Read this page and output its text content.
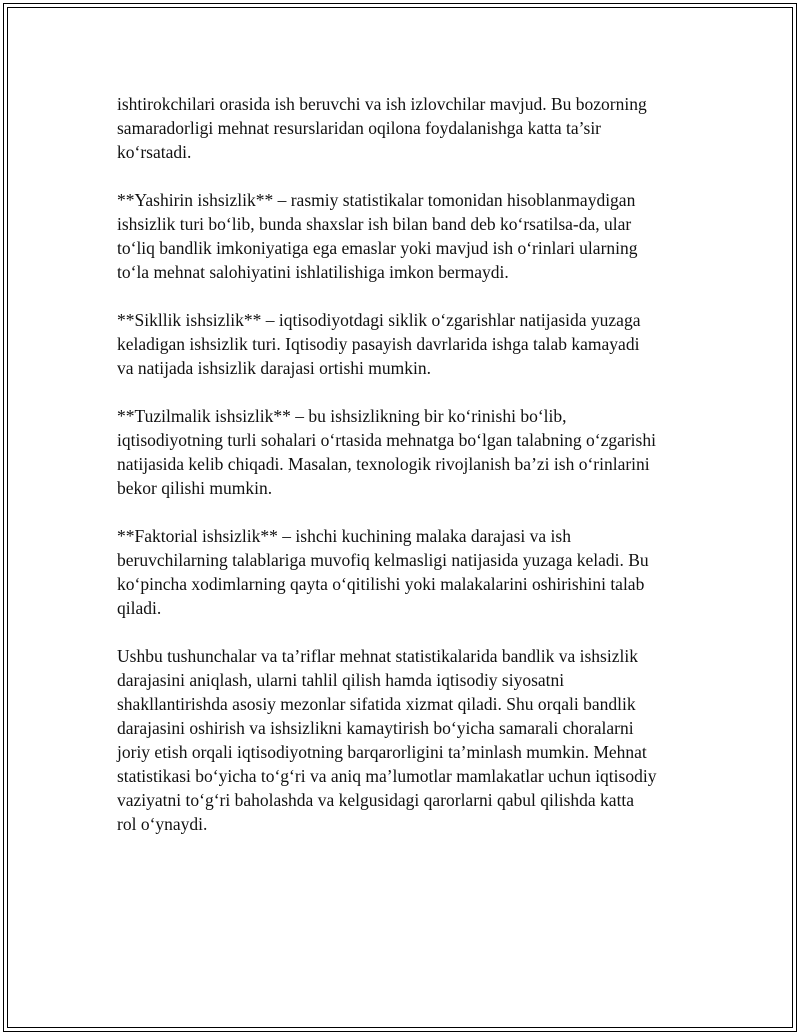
ishtirokchilari orasida ish beruvchi va ish izlovchilar mavjud. Bu bozorning
samaradorligi mehnat resurslaridan oqilona foydalanishga katta ta’sir
ko‘rsatadi.

**Yashirin ishsizlik** – rasmiy statistikalar tomonidan hisoblanmaydigan
ishsizlik turi bo‘lib, bunda shaxslar ish bilan band deb ko‘rsatilsa-da, ular
to‘liq bandlik imkoniyatiga ega emaslar yoki mavjud ish o‘rinlari ularning
to‘la mehnat salohiyatini ishlatilishiga imkon bermaydi.

**Sikllik ishsizlik** – iqtisodiyotdagi siklik o‘zgarishlar natijasida yuzaga
keladigan ishsizlik turi. Iqtisodiy pasayish davrlarida ishga talab kamayadi
va natijada ishsizlik darajasi ortishi mumkin.

**Tuzilmalik ishsizlik** – bu ishsizlikning bir ko‘rinishi bo‘lib,
iqtisodiyotning turli sohalari o‘rtasida mehnatga bo‘lgan talabning o‘zgarishi
natijasida kelib chiqadi. Masalan, texnologik rivojlanish ba’zi ish o‘rinlarini
bekor qilishi mumkin.

**Faktorial ishsizlik** – ishchi kuchining malaka darajasi va ish
beruvchilarning talablariga muvofiq kelmasligi natijasida yuzaga keladi. Bu
ko‘pincha xodimlarning qayta o‘qitilishi yoki malakalarini oshirishini talab
qiladi.

Ushbu tushunchalar va ta’riflar mehnat statistikalarida bandlik va ishsizlik
darajasini aniqlash, ularni tahlil qilish hamda iqtisodiy siyosatni
shakllantirishda asosiy mezonlar sifatida xizmat qiladi. Shu orqali bandlik
darajasini oshirish va ishsizlikni kamaytirish bo‘yicha samarali choralarni
joriy etish orqali iqtisodiyotning barqarorligini ta’minlash mumkin. Mehnat
statistikasi bo‘yicha to‘g‘ri va aniq ma’lumotlar mamlakatlar uchun iqtisodiy
vaziyatni to‘g‘ri baholashda va kelgusidagi qarorlarni qabul qilishda katta
rol o‘ynaydi.
